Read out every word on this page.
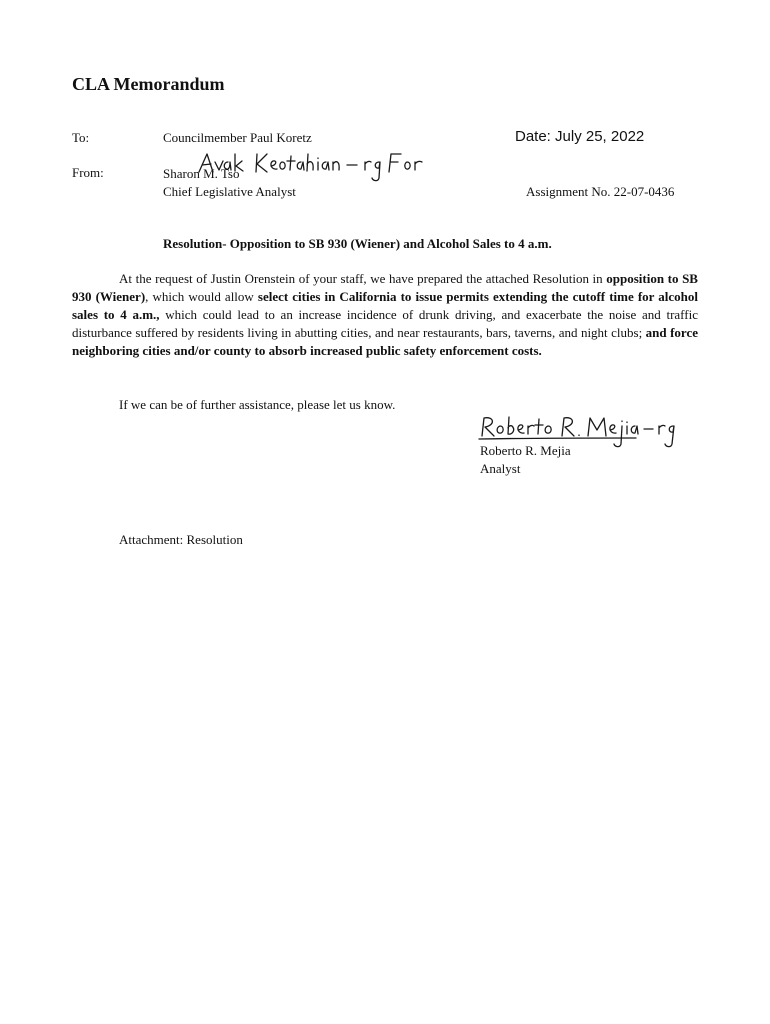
CLA Memorandum
To:	Councilmember Paul Koretz	Date: July 25, 2022
From:	Sharon M. Tso
Chief Legislative Analyst	Assignment No. 22-07-0436
Resolution- Opposition to SB 930 (Wiener) and Alcohol Sales to 4 a.m.
At the request of Justin Orenstein of your staff, we have prepared the attached Resolution in opposition to SB 930 (Wiener), which would allow select cities in California to issue permits extending the cutoff time for alcohol sales to 4 a.m., which could lead to an increase incidence of drunk driving, and exacerbate the noise and traffic disturbance suffered by residents living in abutting cities, and near restaurants, bars, taverns, and night clubs; and force neighboring cities and/or county to absorb increased public safety enforcement costs.
If we can be of further assistance, please let us know.
Roberto R. Mejia
Analyst
Attachment: Resolution
